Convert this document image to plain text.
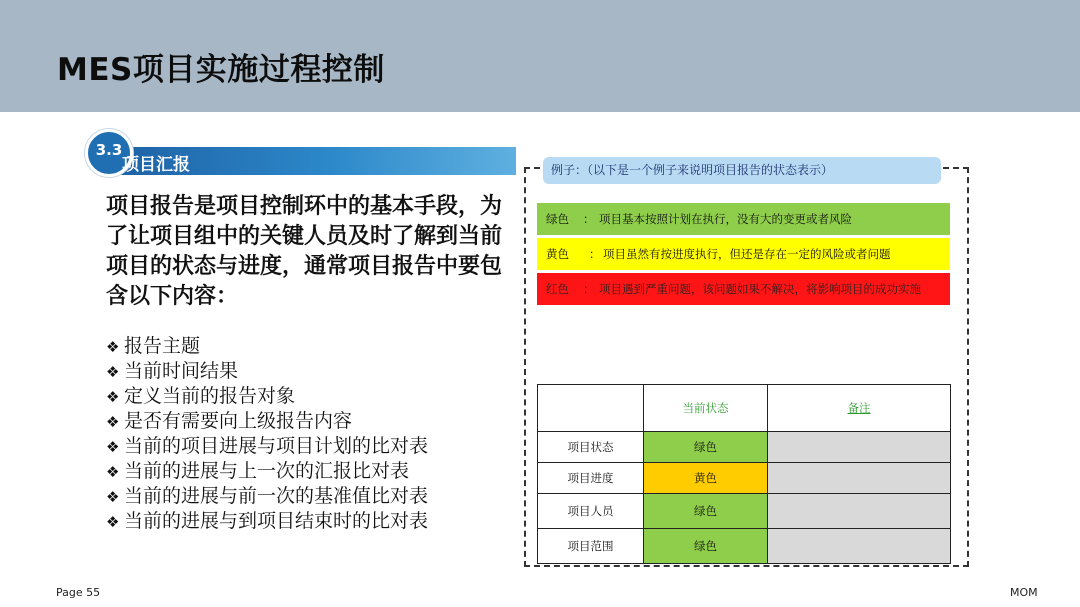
MES项目实施过程控制
3.3
项目汇报
项目报告是项目控制环中的基本手段，为了让项目组中的关键人员及时了解到当前项目的状态与进度，通常项目报告中要包含以下内容：
❖ 报告主题
❖ 当前时间结果
❖ 定义当前的报告对象
❖ 是否有需要向上级报告内容
❖ 当前的项目进展与项目计划的比对表
❖ 当前的进展与上一次的汇报比对表
❖ 当前的进展与前一次的基准值比对表
❖ 当前的进展与到项目结束时的比对表
例子：（以下是一个例子来说明项目报告的状态表示）
绿色 ： 项目基本按照计划在执行，没有大的变更或者风险
黄色 ： 项目虽然有按进度执行，但还是存在一定的风险或者问题
红色 ： 项目遇到严重问题，该问题如果不解决，将影响项目的成功实施
	当前状态	备注
项目状态	绿色	
项目进度	黄色	
项目人员	绿色	
项目范围	绿色	
Page 55	MOM
